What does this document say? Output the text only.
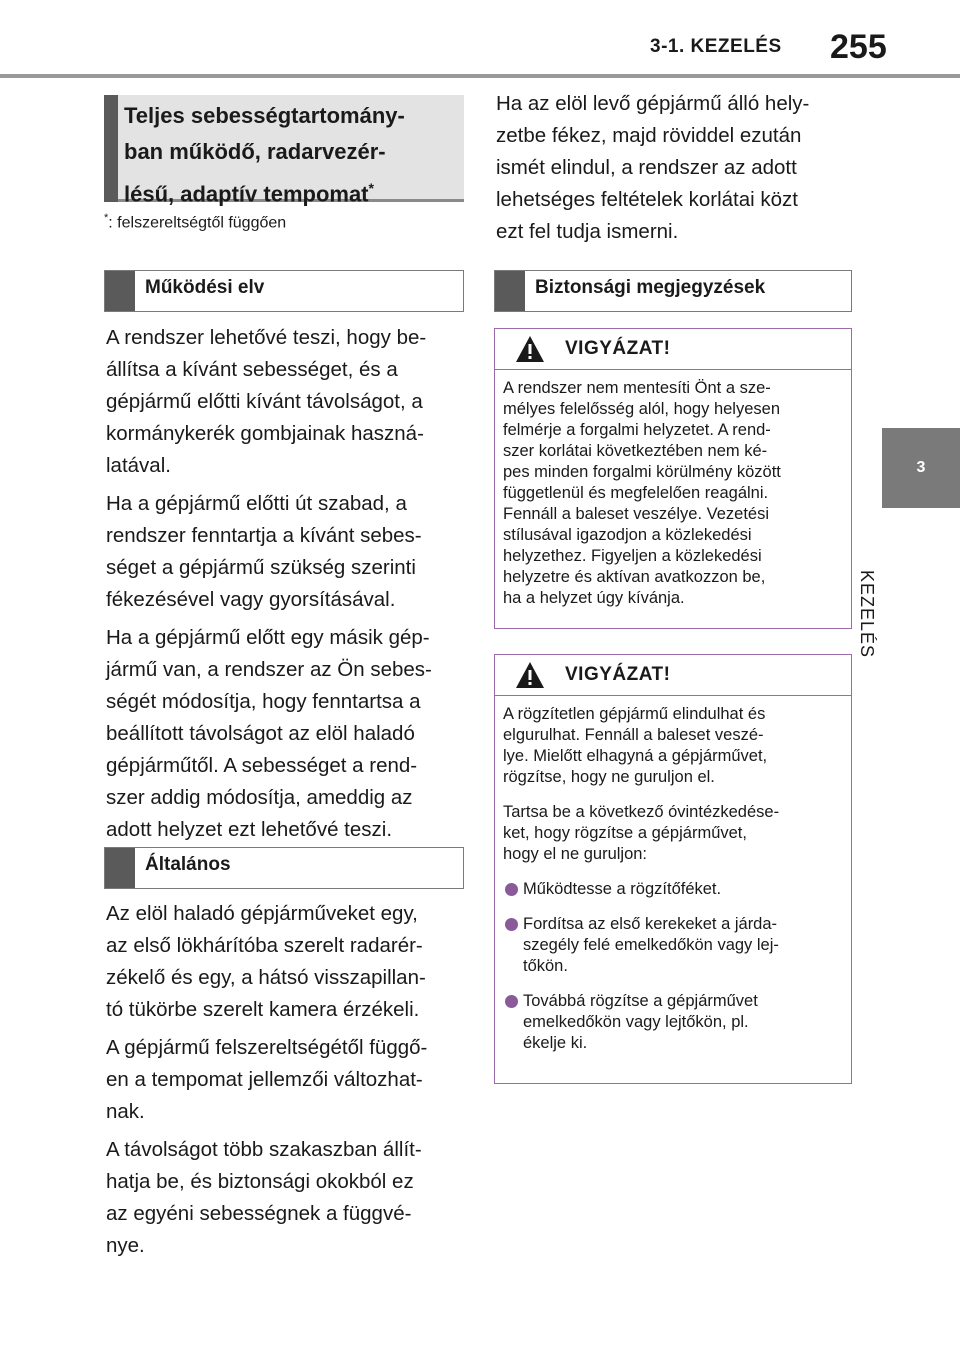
3-1. KEZELÉS 255
3
KEZELÉS
Teljes sebességtartomány-
ban működő, radarvezér-
lésű, adaptív tempomat*
*: felszereltségtől függően
Működési elv

A rendszer lehetővé teszi, hogy be-
állítsa a kívánt sebességet, és a
gépjármű előtti kívánt távolságot, a
kormánykerék gombjainak haszná-
latával.

Ha a gépjármű előtti út szabad, a
rendszer fenntartja a kívánt sebes-
séget a gépjármű szükség szerinti
fékezésével vagy gyorsításával.

Ha a gépjármű előtt egy másik gép-
jármű van, a rendszer az Ön sebes-
ségét módosítja, hogy fenntartsa a
beállított távolságot az elöl haladó
gépjárműtől. A sebességet a rend-
szer addig módosítja, ameddig az
adott helyzet ezt lehetővé teszi.

Általános

Az elöl haladó gépjárműveket egy,
az első lökhárítóba szerelt radarér-
zékelő és egy, a hátsó visszapillan-
tó tükörbe szerelt kamera érzékeli.

A gépjármű felszereltségétől függő-
en a tempomat jellemzői változhat-
nak.

A távolságot több szakaszban állít-
hatja be, és biztonsági okokból ez
az egyéni sebességnek a függvé-
nye.

Ha az elöl levő gépjármű álló hely-
zetbe fékez, majd röviddel ezután
ismét elindul, a rendszer az adott
lehetséges feltételek korlátai közt
ezt fel tudja ismerni.

Biztonsági megjegyzések
VIGYÁZAT!

A rendszer nem mentesíti Önt a sze-
mélyes felelősség alól, hogy helyesen
felmérje a forgalmi helyzetet. A rend-
szer korlátai következtében nem ké-
pes minden forgalmi körülmény között
függetlenül és megfelelően reagálni.
Fennáll a baleset veszélye. Vezetési
stílusával igazodjon a közlekedési
helyzethez. Figyeljen a közlekedési
helyzetre és aktívan avatkozzon be,
ha a helyzet úgy kívánja.

VIGYÁZAT!

A rögzítetlen gépjármű elindulhat és
elgurulhat. Fennáll a baleset veszé-
lye. Mielőtt elhagyná a gépjárművet,
rögzítse, hogy ne guruljon el.

Tartsa be a következő óvintézkedése-
ket, hogy rögzítse a gépjárművet,
hogy el ne guruljon:

Működtesse a rögzítőféket.
Fordítsa az első kerekeket a járda-
szegély felé emelkedőkön vagy lej-
tőkön.
Továbbá rögzítse a gépjárművet
emelkedőkön vagy lejtőkön, pl.
ékelje ki.
